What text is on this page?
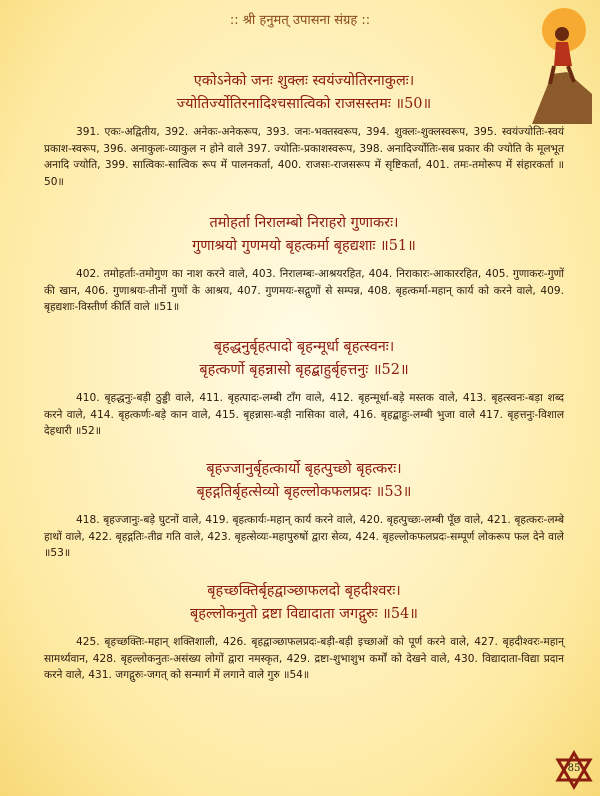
:: श्री हनुमत् उपासना संग्रह ::
एकोऽनेको जनः शुक्लः स्वयंज्योतिरनाकुलः।
ज्योतिर्ज्योतिरनादिश्चसात्विको राजसस्तमः ॥50॥
391. एकः-अद्वितीय, 392. अनेकः-अनेकरूप, 393. जनः-भक्तस्वरूप, 394. शुक्लः-शुक्लस्वरूप, 395. स्वयंज्योतिः-स्वयं प्रकाश-स्वरूप, 396. अनाकुलः-व्याकुल न होने वाले 397. ज्योतिः-प्रकाशस्वरूप, 398. अनादिर्ज्योतिः-सब प्रकार की ज्योति के मूलभूत अनादि ज्योति, 399. सात्विकः-सात्विक रूप में पालनकर्ता, 400. राजसः-राजसरूप में सृष्टिकर्ता, 401. तमः-तमोरूप में संहारकर्ता ॥50॥
तमोहर्ता निरालम्बो निराहरो गुणाकरः।
गुणाश्रयो गुणमयो बृहत्कर्मा बृहद्यशाः ॥51॥
402. तमोहर्ताः-तमोगुण का नाश करने वाले, 403. निरालम्बः-आश्रयरहित, 404. निराकारः-आकाररहित, 405. गुणाकरः-गुणों की खान, 406. गुणाश्रयः-तीनों गुणों के आश्रय, 407. गुणमयः-सद्गुणों से सम्पन्न, 408. बृहत्कर्मा-महान् कार्य को करने वाले, 409. बृहद्यशाः-विस्तीर्ण कीर्ति वाले ॥51॥
बृहद्धनुर्बृहत्पादो बृहन्मूर्धा बृहत्स्वनः।
बृहत्कर्णो बृहन्नासो बृहद्बाहुर्बृहत्तनुः ॥52॥
410. बृहद्धनुः-बड़ी ठुड्डी वाले, 411. बृहत्पादः-लम्बी टाँग वाले, 412. बृहन्मूर्धा-बड़े मस्तक वाले, 413. बृहत्स्वनः-बड़ा शब्द करने वाले, 414. बृहत्कर्णः-बड़े कान वाले, 415. बृहन्नासः-बड़ी नासिका वाले, 416. बृहद्बाहुः-लम्बी भुजा वाले 417. बृहत्तनुः-विशाल देहधारी ॥52॥
बृहज्जानुर्बृहत्कार्यो बृहत्पुच्छो बृहत्करः।
बृहद्गतिर्बृहत्सेव्यो बृहल्लोकफलप्रदः ॥53॥
418. बृहज्जानुः-बड़े घुटनों वाले, 419. बृहत्कार्यः-महान् कार्य करने वाले, 420. बृहत्पुच्छः-लम्बी पूँछ वाले, 421. बृहत्करः-लम्बे हाथों वाले, 422. बृहद्गतिः-तीव्र गति वाले, 423. बृहत्सेव्यः-महापुरुषों द्वारा सेव्य, 424. बृहल्लोकफलप्रदः-सम्पूर्ण लोकरूप फल देने वाले ॥53॥
बृहच्छक्तिर्बृहद्वाञ्छाफलदो बृहदीश्वरः।
बृहल्लोकनुतो द्रष्टा विद्यादाता जगद्गुरुः ॥54॥
425. बृहच्छक्तिः-महान् शक्तिशाली, 426. बृहद्वाञ्छाफलप्रदः-बड़ी-बड़ी इच्छाओं को पूर्ण करने वाले, 427. बृहदीश्वरः-महान् सामर्थ्यवान, 428. बृहल्लोकनुतः-असंख्य लोगों द्वारा नमस्कृत, 429. द्रष्टा-शुभाशुभ कर्मों को देखने वाले, 430. विद्यादाता-विद्या प्रदान करने वाले, 431. जगद्गुरुः-जगत् को सन्मार्ग में लगाने वाले गुरु ॥54॥
85
